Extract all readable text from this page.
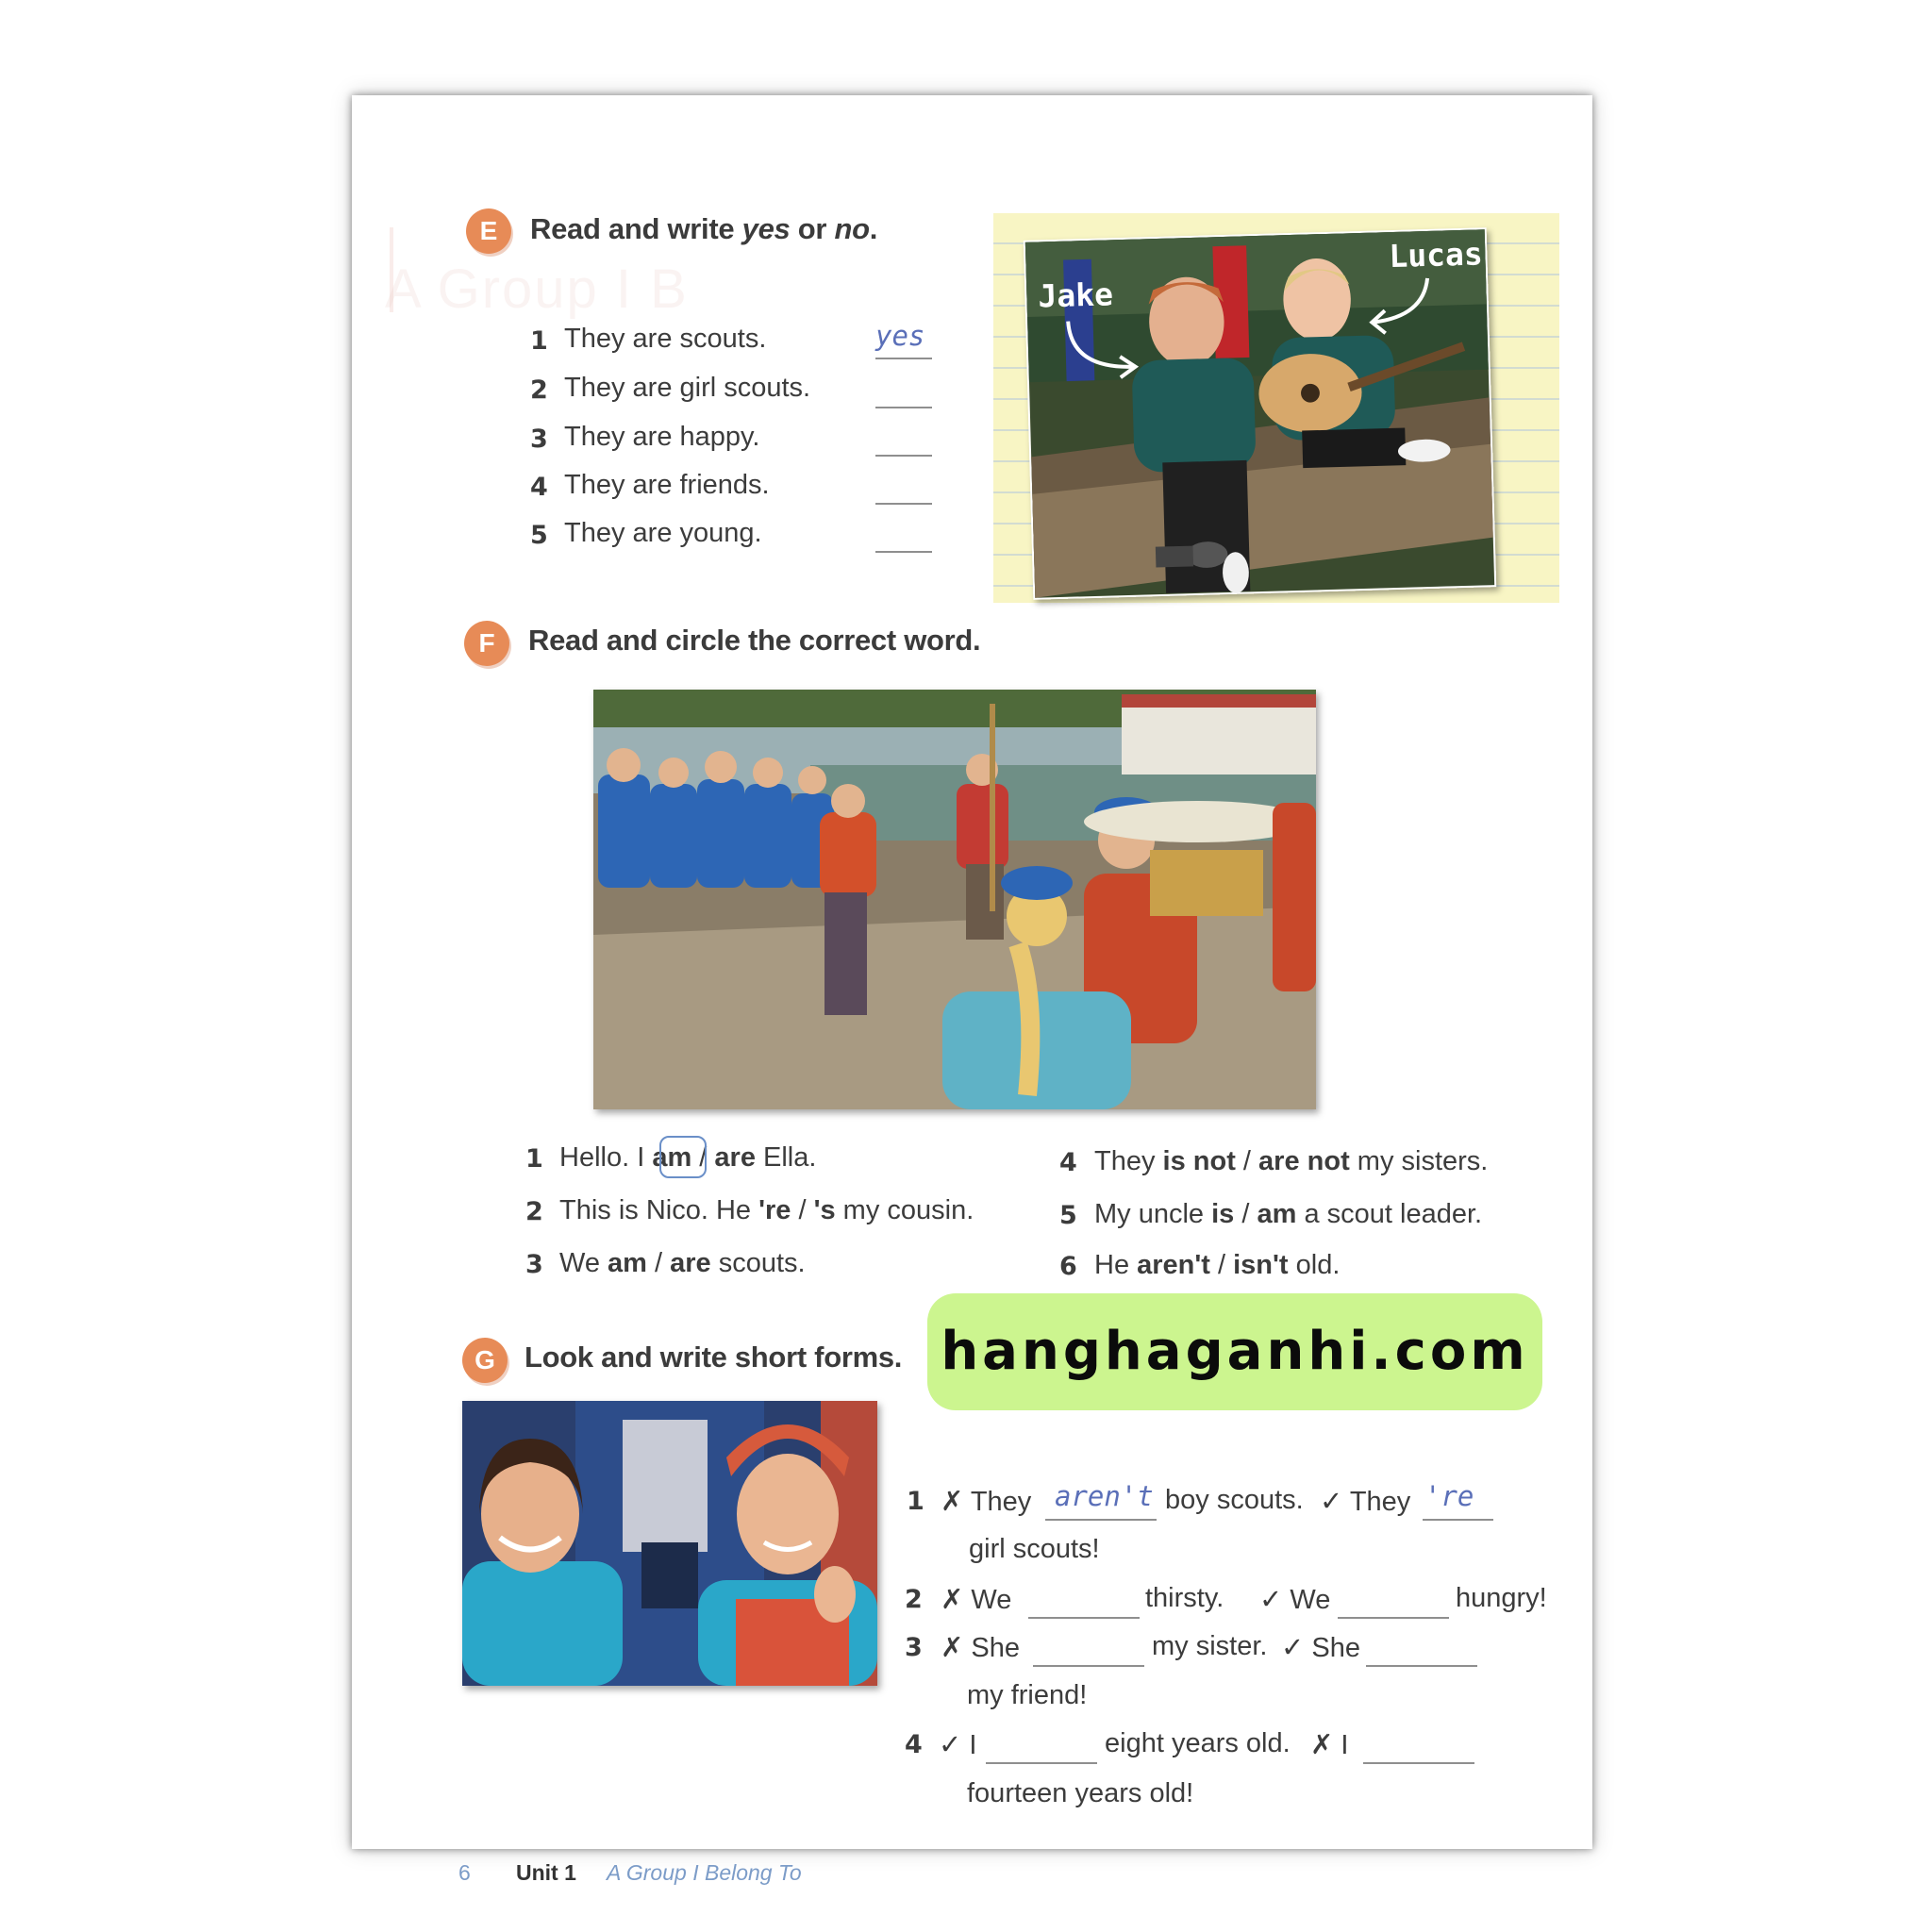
A Group I B
E	Read and write yes or no.
1 They are scouts.	yes
2 They are girl scouts.
3 They are happy.
4 They are friends.
5 They are young.
Jake
Lucas
F	Read and circle the correct word.
1 Hello. I am / are Ella.
2 This is Nico. He 're / 's my cousin.
3 We am / are scouts.
4 They is not / are not my sisters.
5 My uncle is / am a scout leader.
6 He aren't / isn't old.
G	Look and write short forms.
1 ✗ They aren't boy scouts. ✓ They 're
girl scouts!
2 ✗ We	thirsty. ✓ We	hungry!
3 ✗ She	my sister. ✓ She
my friend!
4 ✓ I	eight years old. ✗ I
fourteen years old!
6 Unit 1 A Group I Belong To
hanghaganhi.com
